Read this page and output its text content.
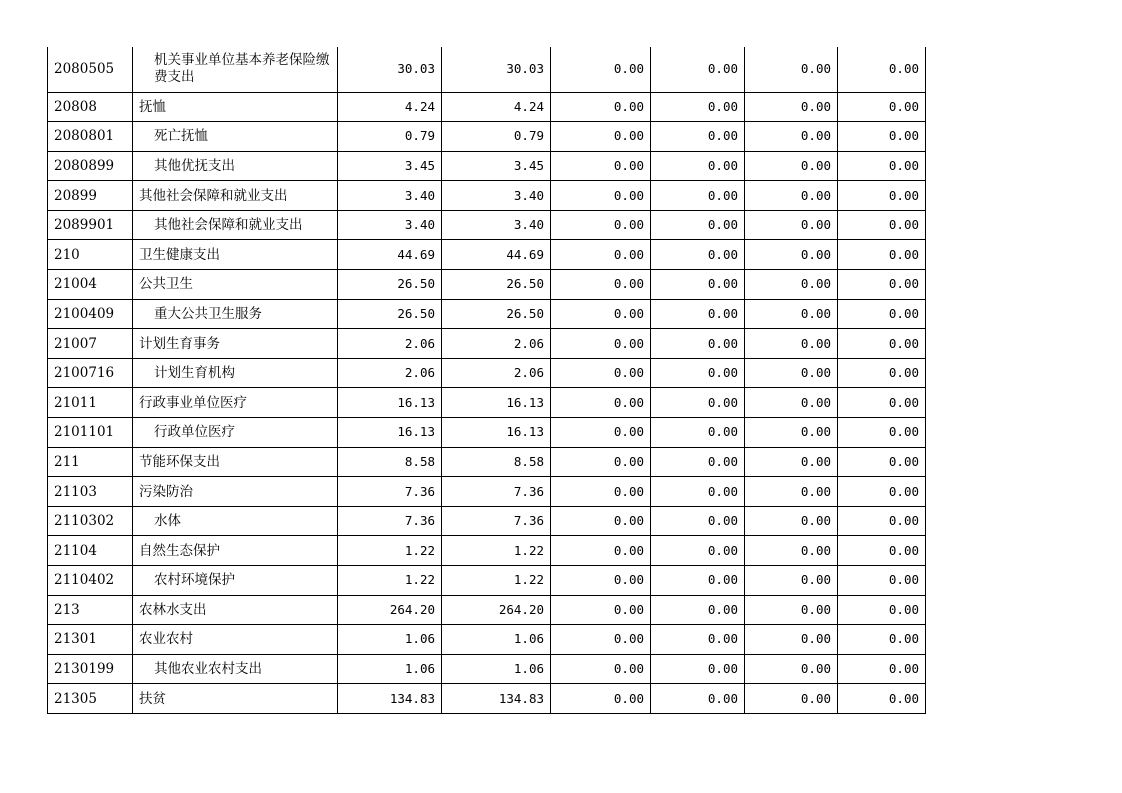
2080505	机关事业单位基本养老保险缴费支出	30.03	30.03	0.00	0.00	0.00	0.00
20808	抚恤	4.24	4.24	0.00	0.00	0.00	0.00
2080801	死亡抚恤	0.79	0.79	0.00	0.00	0.00	0.00
2080899	其他优抚支出	3.45	3.45	0.00	0.00	0.00	0.00
20899	其他社会保障和就业支出	3.40	3.40	0.00	0.00	0.00	0.00
2089901	其他社会保障和就业支出	3.40	3.40	0.00	0.00	0.00	0.00
210	卫生健康支出	44.69	44.69	0.00	0.00	0.00	0.00
21004	公共卫生	26.50	26.50	0.00	0.00	0.00	0.00
2100409	重大公共卫生服务	26.50	26.50	0.00	0.00	0.00	0.00
21007	计划生育事务	2.06	2.06	0.00	0.00	0.00	0.00
2100716	计划生育机构	2.06	2.06	0.00	0.00	0.00	0.00
21011	行政事业单位医疗	16.13	16.13	0.00	0.00	0.00	0.00
2101101	行政单位医疗	16.13	16.13	0.00	0.00	0.00	0.00
211	节能环保支出	8.58	8.58	0.00	0.00	0.00	0.00
21103	污染防治	7.36	7.36	0.00	0.00	0.00	0.00
2110302	水体	7.36	7.36	0.00	0.00	0.00	0.00
21104	自然生态保护	1.22	1.22	0.00	0.00	0.00	0.00
2110402	农村环境保护	1.22	1.22	0.00	0.00	0.00	0.00
213	农林水支出	264.20	264.20	0.00	0.00	0.00	0.00
21301	农业农村	1.06	1.06	0.00	0.00	0.00	0.00
2130199	其他农业农村支出	1.06	1.06	0.00	0.00	0.00	0.00
21305	扶贫	134.83	134.83	0.00	0.00	0.00	0.00
